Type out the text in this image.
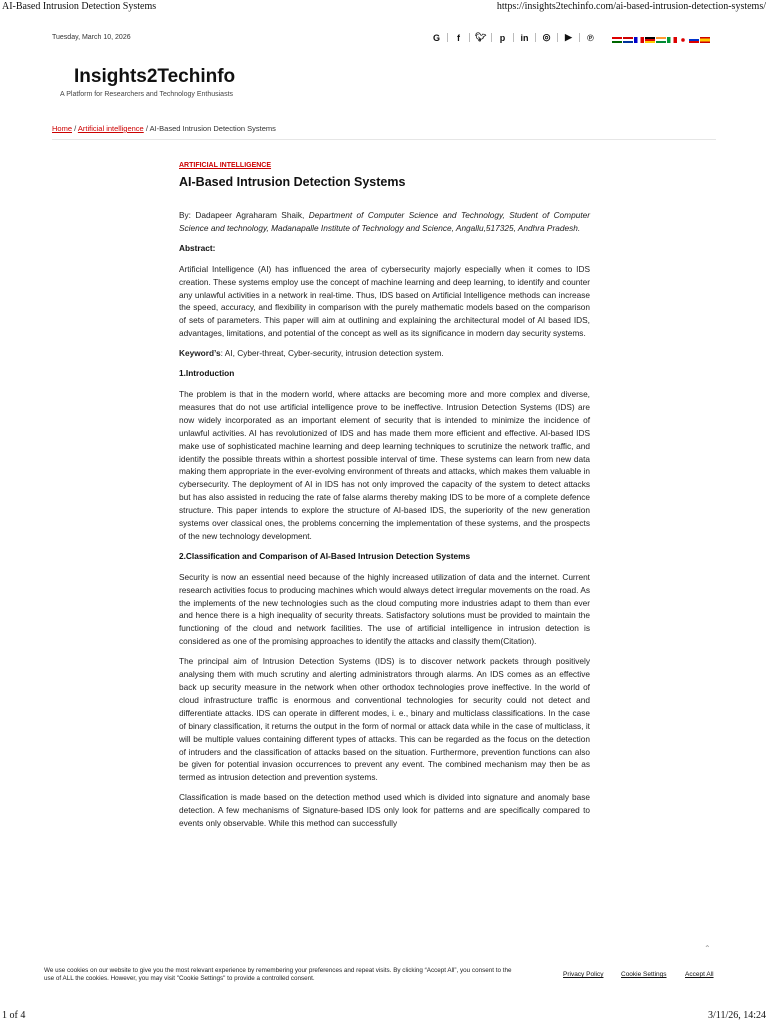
AI-Based Intrusion Detection Systems	https://insights2techinfo.com/ai-based-intrusion-detection-systems/
Tuesday, March 10, 2026	G	f	🐦︎	p	in	◎	▶	℗
Insights2Techinfo
A Platform for Researchers and Technology Enthusiasts
Home / Artificial intelligence / AI-Based Intrusion Detection Systems
ARTIFICIAL INTELLIGENCE
AI-Based Intrusion Detection Systems

By: Dadapeer Agraharam Shaik, Department of Computer Science and Technology, Student of Computer Science and technology, Madanapalle Institute of Technology and Science, Angallu,517325, Andhra Pradesh.

Abstract:

Artificial Intelligence (AI) has influenced the area of cybersecurity majorly especially when it comes to IDS creation. These systems employ use the concept of machine learning and deep learning, to identify and counter any unlawful activities in a network in real-time. Thus, IDS based on Artificial Intelligence methods can increase the speed, accuracy, and flexibility in comparison with the purely mathematic models based on the comparison of sets of parameters. This paper will aim at outlining and explaining the architectural model of AI based IDS, advantages, limitations, and potential of the concept as well as its significance in modern day security systems.

Keyword’s: AI, Cyber-threat, Cyber-security, intrusion detection system.

1.Introduction

The problem is that in the modern world, where attacks are becoming more and more complex and diverse, measures that do not use artificial intelligence prove to be ineffective. Intrusion Detection Systems (IDS) are now widely incorporated as an important element of security that is intended to minimize the incidence of unlawful activities. AI has revolutionized of IDS and has made them more efficient and effective. AI-based IDS make use of sophisticated machine learning and deep learning techniques to scrutinize the network traffic, and identify the possible threats within a shortest possible interval of time. These systems can learn from new data making them appropriate in the ever-evolving environment of threats and attacks, which makes them valuable in cybersecurity. The deployment of AI in IDS has not only improved the capacity of the system to detect attacks but has also assisted in reducing the rate of false alarms thereby making IDS to be more of a complete defence structure. This paper intends to explore the structure of AI-based IDS, the superiority of the new generation systems over classical ones, the problems concerning the implementation of these systems, and the prospects of the new technology development.

2.Classification and Comparison of AI-Based Intrusion Detection Systems

Security is now an essential need because of the highly increased utilization of data and the internet. Current research activities focus to producing machines which would always detect irregular movements on the road. As the implements of the new technologies such as the cloud computing more industries adapt to them than ever and hence there is a high inequality of security threats. Satisfactory solutions must be provided to maintain the functioning of the cloud and network facilities. The use of artificial intelligence in intrusion detection is considered as one of the promising approaches to identify the attacks and classify them(Citation).

The principal aim of Intrusion Detection Systems (IDS) is to discover network packets through positively analysing them with much scrutiny and alerting administrators through alarms. An IDS comes as an effective back up security measure in the network when other orthodox technologies prove ineffective. In the world of cloud infrastructure traffic is enormous and conventional technologies for security could not detect and differentiate attacks. IDS can operate in different modes, i. e., binary and multiclass classifications. In the case of binary classification, it returns the output in the form of normal or attack data while in the case of multiclass, it will be multiple values containing different types of attacks. This can be regarded as the focus on the detection of intruders and the classification of attacks based on the situation. Furthermore, prevention functions can also be given for potential invasion occurrences to prevent any event. The combined mechanism may then be as termed as intrusion detection and prevention systems.

Classification is made based on the detection method used which is divided into signature and anomaly base detection. A few mechanisms of Signature-based IDS only look for patterns and are specifically compared to events only observable. While this method can successfully

⌃
We use cookies on our website to give you the most relevant experience by remembering your preferences and repeat visits. By clicking “Accept All”, you consent to the use of ALL the cookies. However, you may visit "Cookie Settings" to provide a controlled consent.
Privacy Policy	Cookie Settings	Accept All
1 of 4	3/11/26, 14:24
